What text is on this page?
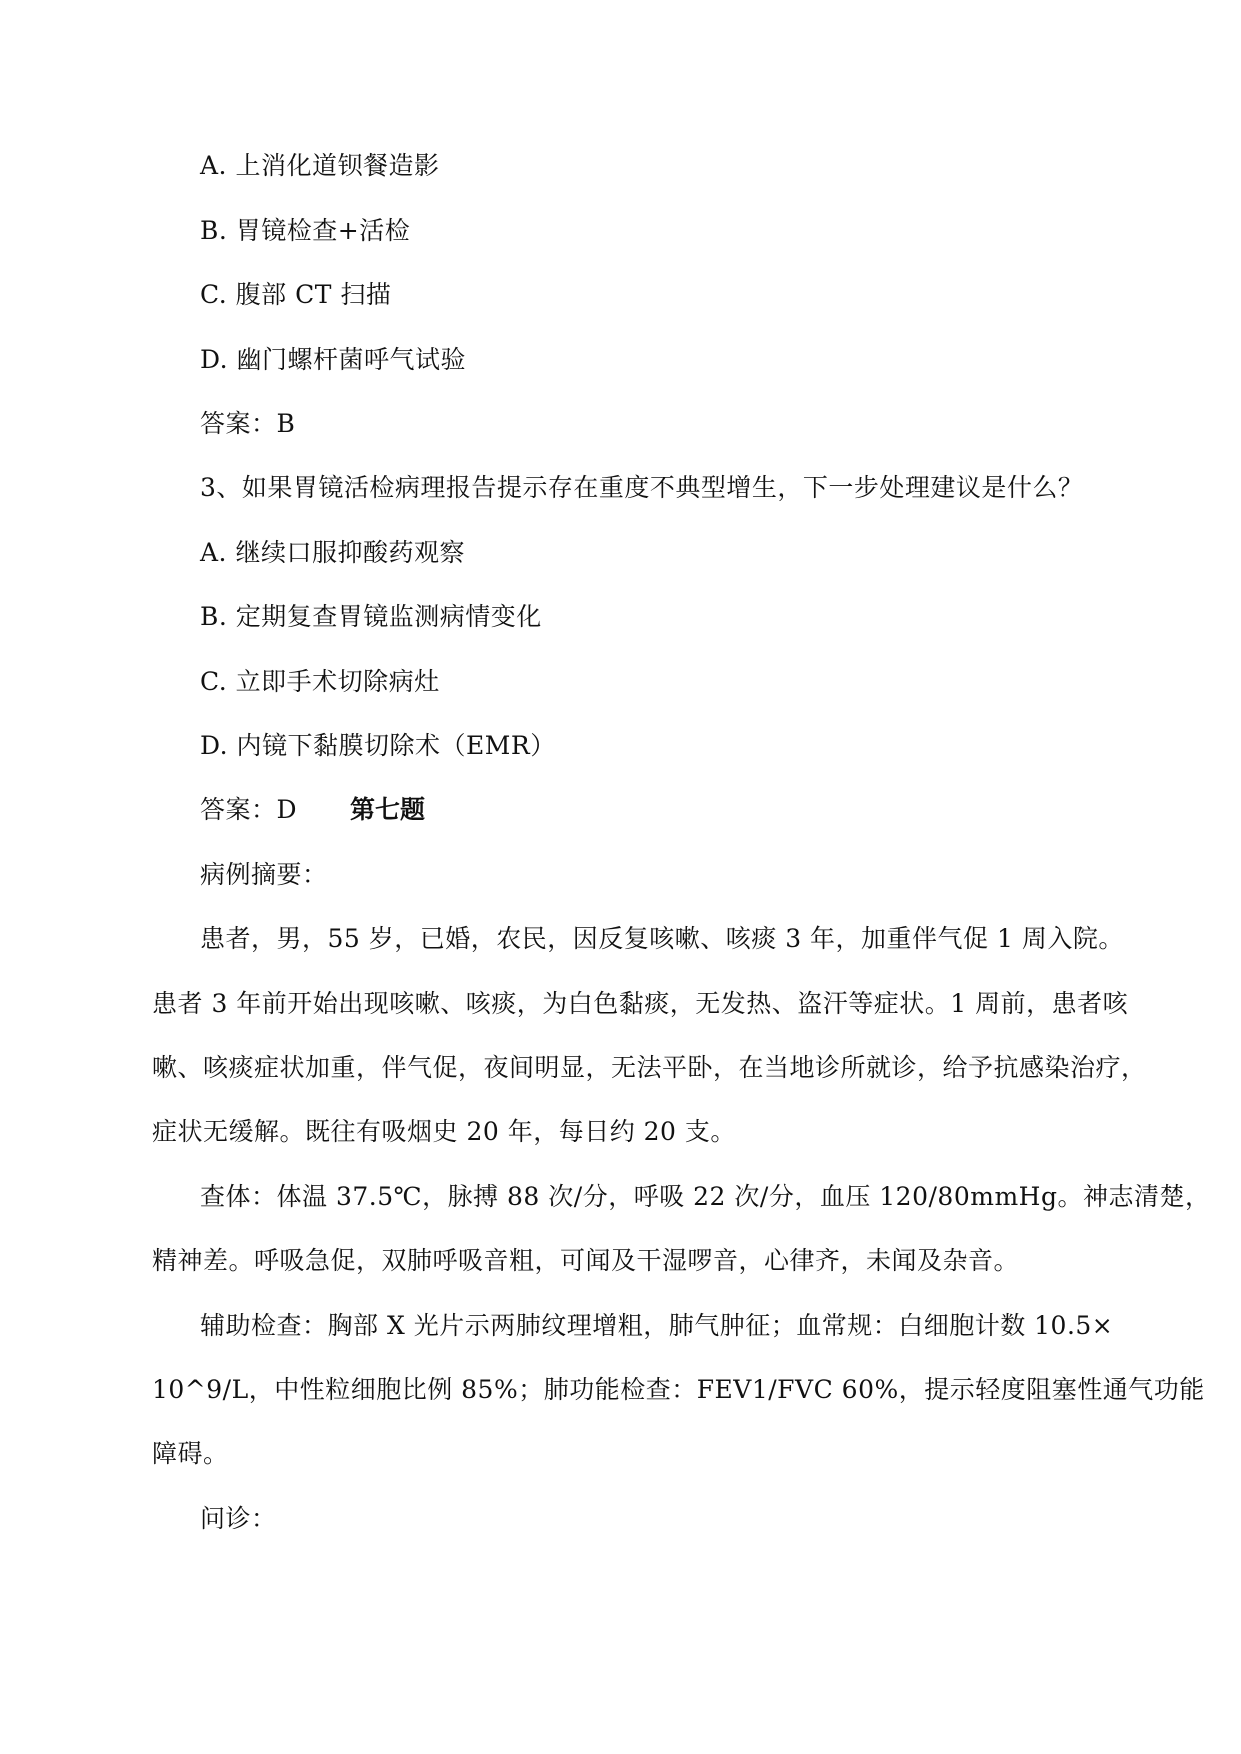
A. 上消化道钡餐造影
B. 胃镜检查+活检
C. 腹部 CT 扫描
D. 幽门螺杆菌呼气试验
答案：B
3、如果胃镜活检病理报告提示存在重度不典型增生，下一步处理建议是什么？
A. 继续口服抑酸药观察
B. 定期复查胃镜监测病情变化
C. 立即手术切除病灶
D. 内镜下黏膜切除术（EMR）
答案：D 第七题
病例摘要：
患者，男，55 岁，已婚，农民，因反复咳嗽、咳痰 3 年，加重伴气促 1 周入院。
患者 3 年前开始出现咳嗽、咳痰，为白色黏痰，无发热、盗汗等症状。1 周前，患者咳
嗽、咳痰症状加重，伴气促，夜间明显，无法平卧，在当地诊所就诊，给予抗感染治疗，
症状无缓解。既往有吸烟史 20 年，每日约 20 支。
查体：体温 37.5℃，脉搏 88 次/分，呼吸 22 次/分，血压 120/80mmHg。神志清楚，
精神差。呼吸急促，双肺呼吸音粗，可闻及干湿啰音，心律齐，未闻及杂音。
辅助检查：胸部 X 光片示两肺纹理增粗，肺气肿征；血常规：白细胞计数 10.5×
10^9/L，中性粒细胞比例 85%；肺功能检查：FEV1/FVC 60%，提示轻度阻塞性通气功能
障碍。
问诊：
